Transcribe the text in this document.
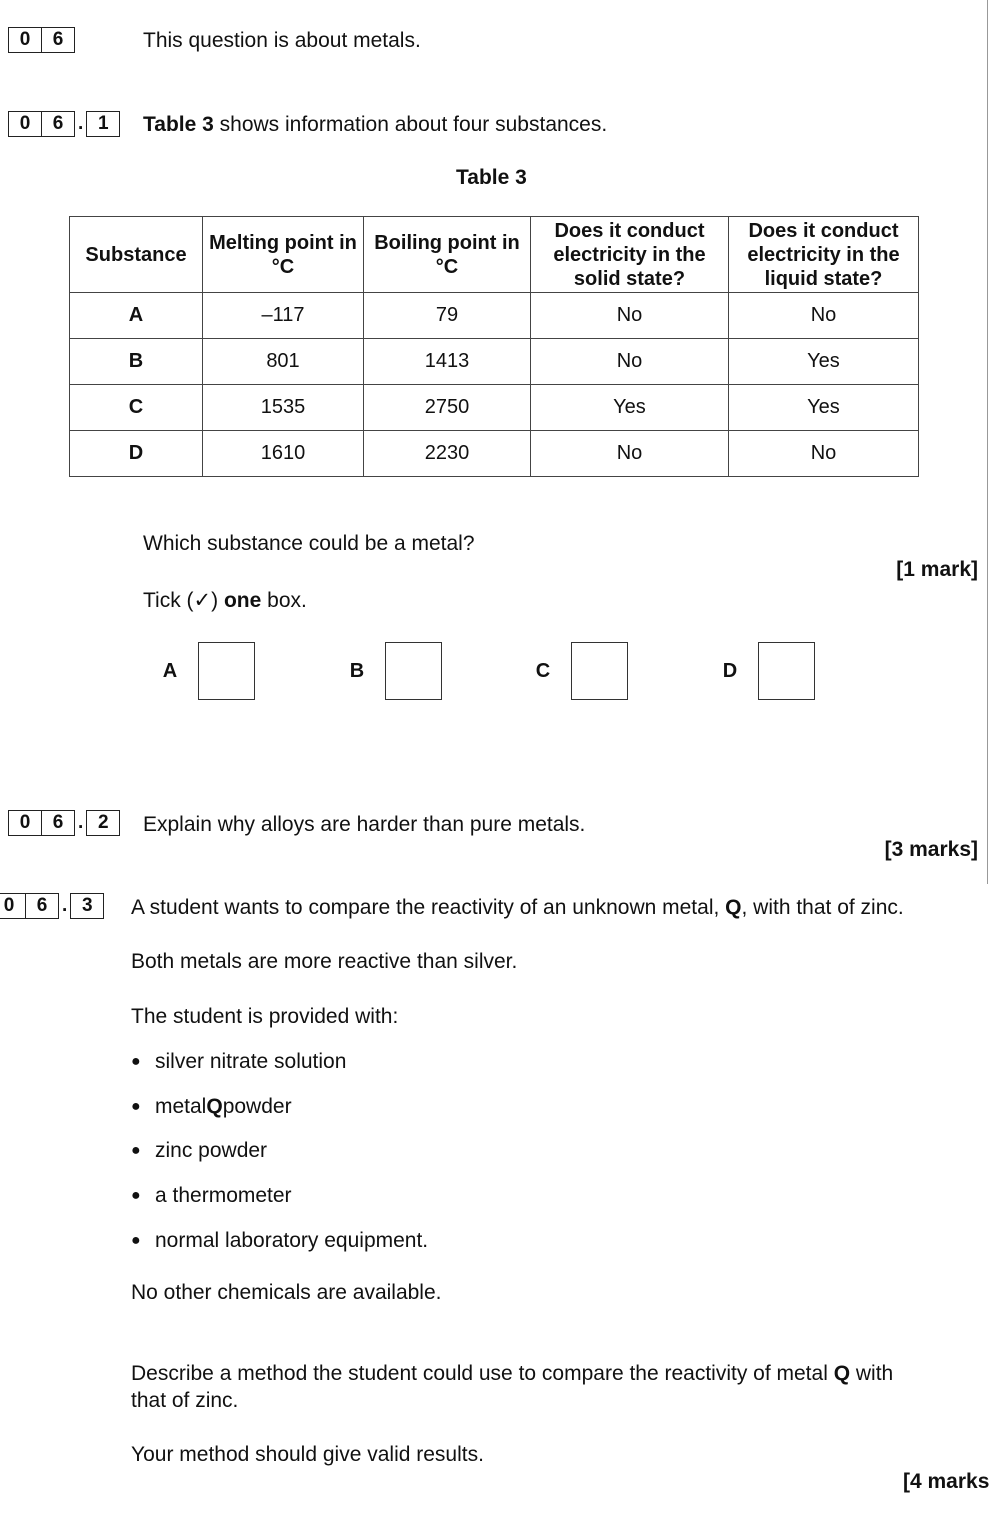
0	6	This question is about metals.
0	6 . 1	Table 3 shows information about four substances.
Table 3
Substance	Melting point in °C	Boiling point in °C	Does it conduct electricity in the solid state?	Does it conduct electricity in the liquid state?
A	–117	79	No	No
B	801	1413	No	Yes
C	1535	2750	Yes	Yes
D	1610	2230	No	No
Which substance could be a metal?
[1 mark]
Tick (✓) one box.
A	B	C	D
0	6 . 2	Explain why alloys are harder than pure metals.
[3 marks]
0	6 . 3	A student wants to compare the reactivity of an unknown metal, Q, with that of zinc.
Both metals are more reactive than silver.
The student is provided with:
● silver nitrate solution
● metal Q powder
● zinc powder
● a thermometer
● normal laboratory equipment.
No other chemicals are available.
Describe a method the student could use to compare the reactivity of metal Q with
that of zinc.
Your method should give valid results.
[4 marks
